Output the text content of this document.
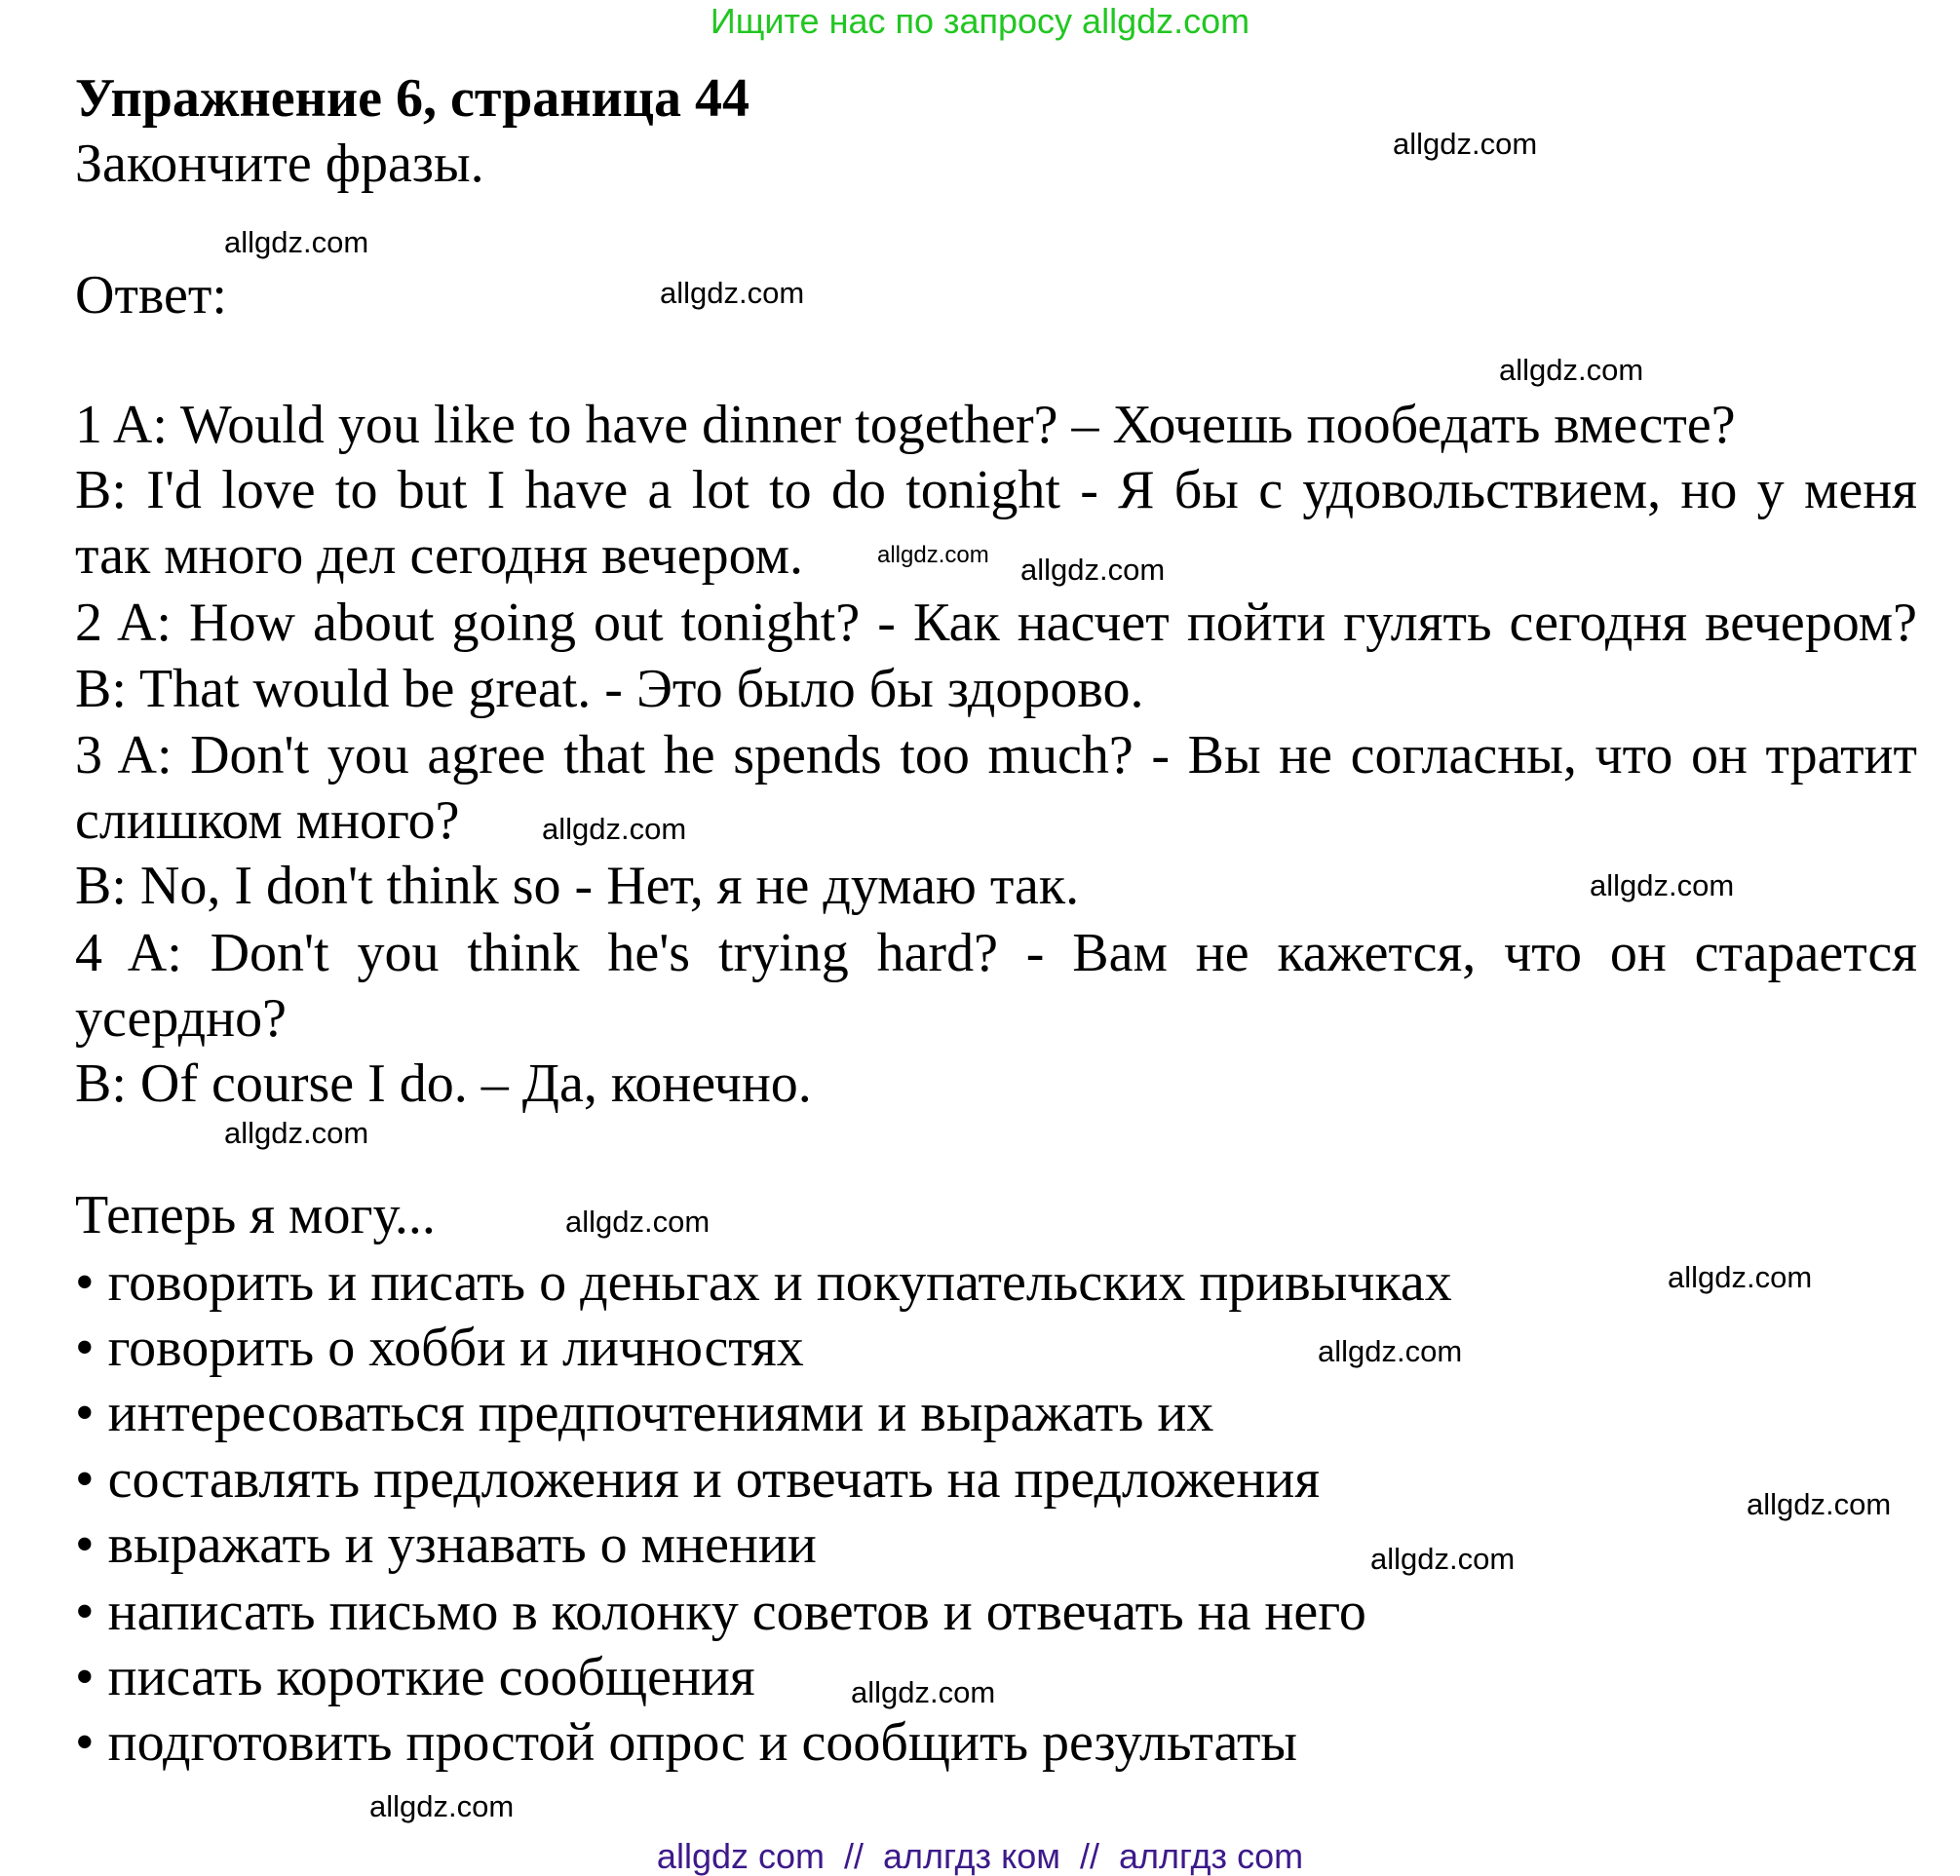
Ищите нас по запросу allgdz.com
Упражнение 6, страница 44
Закончите фразы.
Ответ:
1 A: Would you like to have dinner together? – Хочешь пообедать вместе?
B: I'd love to but I have a lot to do tonight - Я бы с удовольствием, но у меня
так много дел сегодня вечером.
2 A: How about going out tonight? - Как насчет пойти гулять сегодня вечером?
B: That would be great. - Это было бы здорово.
3 A: Don't you agree that he spends too much? - Вы не согласны, что он тратит
слишком много?
B: No, I don't think so - Нет, я не думаю так.
4 A: Don't you think he's trying hard? - Вам не кажется, что он старается
усердно?
B: Of course I do. – Да, конечно.
Теперь я могу...
• говорить и писать о деньгах и покупательских привычках
• говорить о хобби и личностях
• интересоваться предпочтениями и выражать их
• составлять предложения и отвечать на предложения
• выражать и узнавать о мнении
• написать письмо в колонку советов и отвечать на него
• писать короткие сообщения
• подготовить простой опрос и сообщить результаты
allgdz.com
allgdz.com
allgdz.com
allgdz.com
allgdz.com allgdz.com
allgdz.com
allgdz.com
allgdz.com
allgdz.com
allgdz.com
allgdz.com
allgdz.com
allgdz.com
allgdz.com
allgdz.com
allgdz com  //  аллгдз ком  //  аллгдз com
